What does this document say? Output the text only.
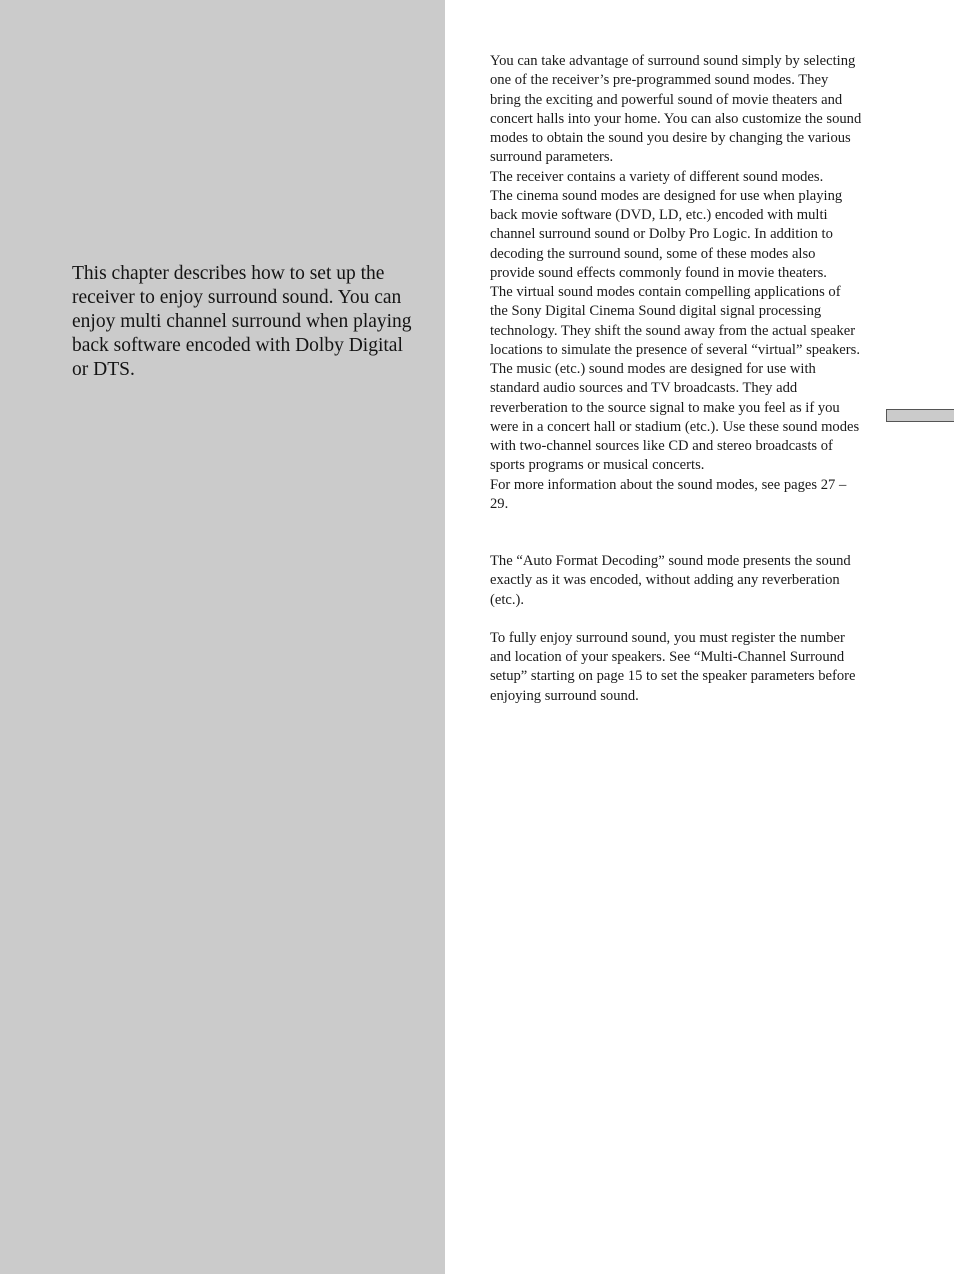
This chapter describes how to set up the receiver to enjoy surround sound. You can enjoy multi channel surround when playing back software encoded with Dolby Digital or DTS.

You can take advantage of surround sound simply by selecting one of the receiver’s pre-programmed sound modes. They bring the exciting and powerful sound of movie theaters and concert halls into your home. You can also customize the sound modes to obtain the sound you desire by changing the various surround parameters.

The receiver contains a variety of different sound modes.

The cinema sound modes are designed for use when playing back movie software (DVD, LD, etc.) encoded with multi channel surround sound or Dolby Pro Logic. In addition to decoding the surround sound, some of these modes also provide sound effects commonly found in movie theaters.

The virtual sound modes contain compelling applications of the Sony Digital Cinema Sound digital signal processing technology. They shift the sound away from the actual speaker locations to simulate the presence of several “virtual” speakers.

The music (etc.) sound modes are designed for use with standard audio sources and TV broadcasts. They add reverberation to the source signal to make you feel as if you were in a concert hall or stadium (etc.). Use these sound modes with two-channel sources like CD and stereo broadcasts of sports programs or musical concerts.

For more information about the sound modes, see pages 27 – 29.

The “Auto Format Decoding” sound mode presents the sound exactly as it was encoded, without adding any reverberation (etc.).

To fully enjoy surround sound, you must register the number and location of your speakers. See “Multi-Channel Surround setup” starting on page 15 to set the speaker parameters before enjoying surround sound.
